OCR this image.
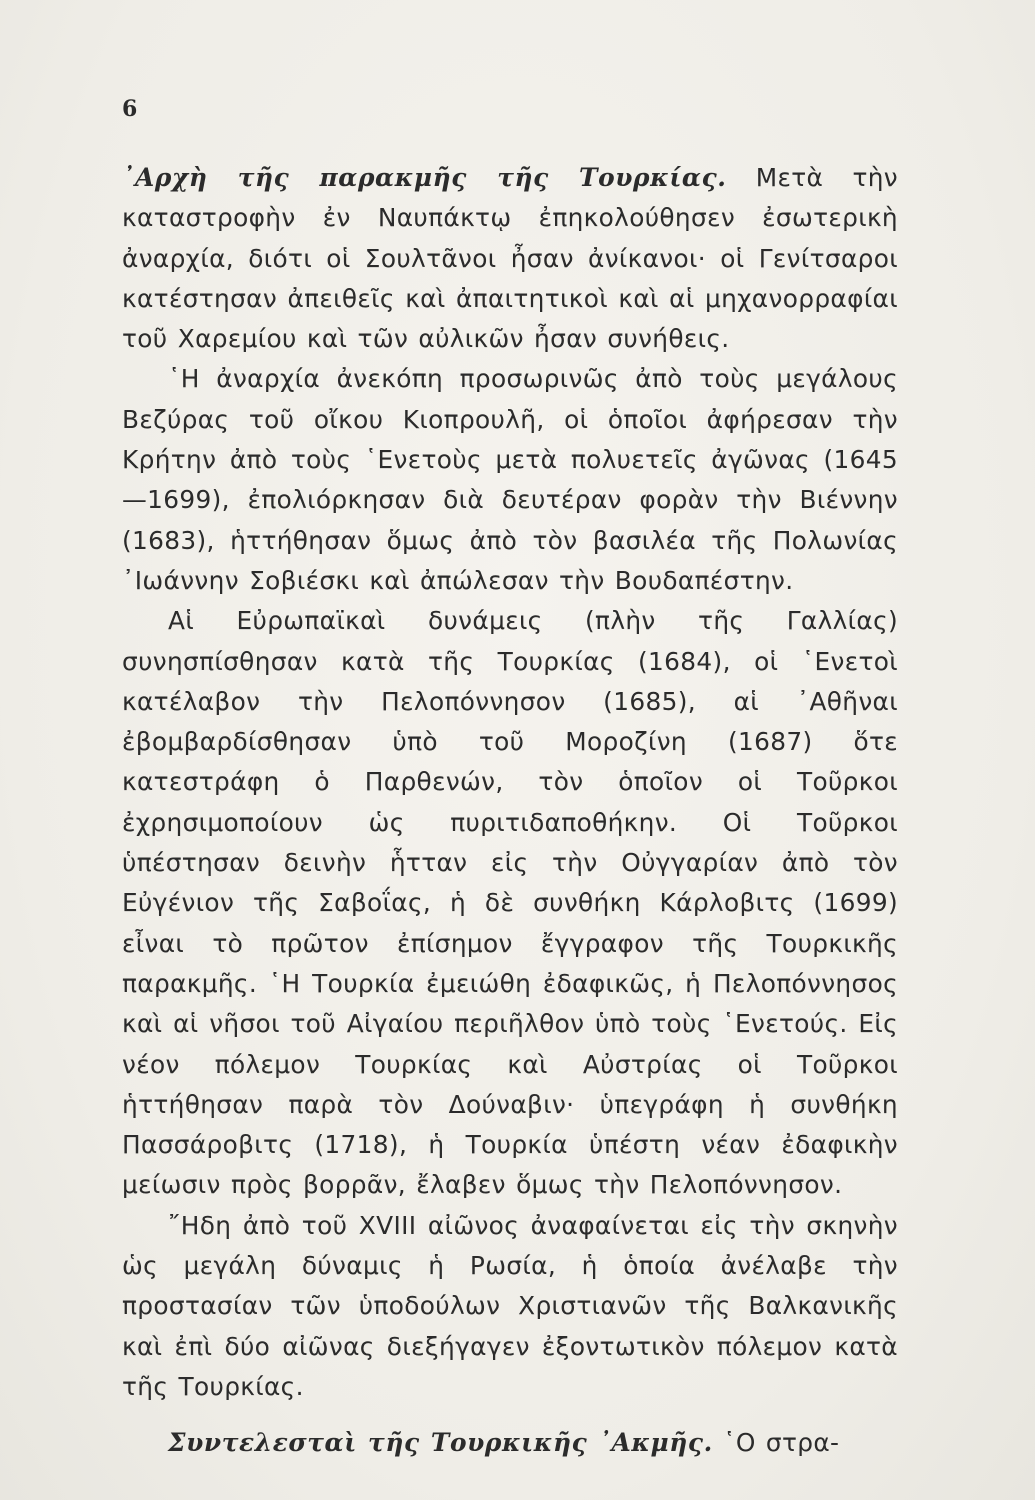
6

᾿Αρχὴ τῆς παρακμῆς τῆς Τουρκίας. Μετὰ τὴν καταστροφὴν ἐν Ναυπάκτῳ ἐπηκολούθησεν ἐσωτερικὴ ἀναρχία, διότι οἱ Σουλτᾶνοι ἦσαν ἀνίκανοι· οἱ Γενίτσαροι κατέστησαν ἀπειθεῖς καὶ ἀπαιτητικοὶ καὶ αἱ μηχανορραφίαι τοῦ Χαρεμίου καὶ τῶν αὐλικῶν ἦσαν συνήθεις.

῾Η ἀναρχία ἀνεκόπη προσωρινῶς ἀπὸ τοὺς μεγάλους Βεζύρας τοῦ οἴκου Κιοπρουλῆ, οἱ ὁποῖοι ἀφήρεσαν τὴν Κρήτην ἀπὸ τοὺς ῾Ενετοὺς μετὰ πολυετεῖς ἀγῶνας (1645—1699), ἐπολιόρκησαν διὰ δευτέραν φορὰν τὴν Βιέννην (1683), ἡττήθησαν ὅμως ἀπὸ τὸν βασιλέα τῆς Πολωνίας ᾿Ιωάννην Σοβιέσκι καὶ ἀπώλεσαν τὴν Βουδαπέστην.

Αἱ Εὐρωπαϊκαὶ δυνάμεις (πλὴν τῆς Γαλλίας) συνησπίσθησαν κατὰ τῆς Τουρκίας (1684), οἱ ῾Ενετοὶ κατέλαβον τὴν Πελοπόννησον (1685), αἱ ᾿Αθῆναι ἐβομβαρδίσθησαν ὑπὸ τοῦ Μοροζίνη (1687) ὅτε κατεστράφη ὁ Παρθενών, τὸν ὁποῖον οἱ Τοῦρκοι ἐχρησιμοποίουν ὡς πυριτιδαποθήκην. Οἱ Τοῦρκοι ὑπέστησαν δεινὴν ἧτταν εἰς τὴν Οὐγγαρίαν ἀπὸ τὸν Εὐγένιον τῆς Σαβοΐας, ἡ δὲ συνθήκη Κάρλοβιτς (1699) εἶναι τὸ πρῶτον ἐπίσημον ἔγγραφον τῆς Τουρκικῆς παρακμῆς. ῾Η Τουρκία ἐμειώθη ἐδαφικῶς, ἡ Πελοπόννησος καὶ αἱ νῆσοι τοῦ Αἰγαίου περιῆλθον ὑπὸ τοὺς ῾Ενετούς. Εἰς νέον πόλεμον Τουρκίας καὶ Αὐστρίας οἱ Τοῦρκοι ἡττήθησαν παρὰ τὸν Δούναβιν· ὑπεγράφη ἡ συνθήκη Πασσάροβιτς (1718), ἡ Τουρκία ὑπέστη νέαν ἐδαφικὴν μείωσιν πρὸς βορρᾶν, ἔλαβεν ὅμως τὴν Πελοπόννησον.

῎Ηδη ἀπὸ τοῦ XVIII αἰῶνος ἀναφαίνεται εἰς τὴν σκηνὴν ὡς μεγάλη δύναμις ἡ Ρωσία, ἡ ὁποία ἀνέλαβε τὴν προστασίαν τῶν ὑποδούλων Χριστιανῶν τῆς Βαλκανικῆς καὶ ἐπὶ δύο αἰῶνας διεξήγαγεν ἐξοντωτικὸν πόλεμον κατὰ τῆς Τουρκίας.

Συντελεσταὶ τῆς Τουρκικῆς ᾿Ακμῆς. ῾Ο στρα-
